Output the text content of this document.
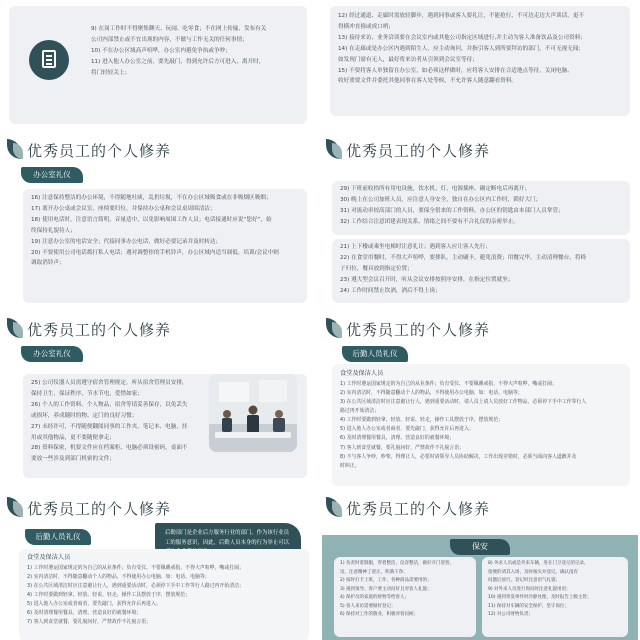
9) 在岗工作时不得聚集聊天、玩闹、吃零食；不在网上传输、发布有关

公司内部禁止或不宜出现的内容，不做与工作无关的任何事情；

10) 不在办公区域高声喧哗，办公室内避免争执或争吵；

11) 进入他人办公室之前，要先敲门，得到允许后方可进入，离开时，

将门轻轻关上；

12) 经过通道、走廊时需放轻脚步，遇到同事或客人要礼让，不能抢行，不可边走边大声谈话，更不

得横冲直撞或成口哨；

13) 接待来访、业务洽谈要在会议室内或其他公司指定区域进行,并主动为客人准备饮品及公司资料；

14) 在走廊或是办公区内遇到陌生人，应主动询问，并指引客人到所要拜访的部门，不可无视无闻；

如发现门窗有无人，最好将来访者从引领到会议室等待；

15) 不要将客人单独留在办公室，如必须这样做时，应将客人安排在合适地点等待，关闭电脑、

收好重要文件并委托其他同事在客人处等候，不允许客人随意翻看资料。

优秀员工的个人修养
办公室礼仪

16) 注意保持整洁的办公环境，不得随地吐痰，乱扔垃圾，不在办公区域吸食或在非吸烟区吸烟；

17) 离开办公桌或会议室，座椅要归位，并保持办公桌和会议桌周围清洁；

18) 使用电话时，注意语言简明，音量适中，以免影响周围工作人员；电话接通时应说“您好”，始

终保持礼貌待人；

19) 注意办公室的电话安全；代接同事办公电话，做好必要记录并及时转达；

20) 不要使用公司电话拨打私人电话；遇对调整你的手机铃声，办公区域内适当调低，培训/会议中则

调取消铃声；

优秀员工的个人修养

29) 下班前收拾所有用电设施，饮水机、灯、电源插座、确定断电后再离开；

30) 晚上在公司加班人员，应注意人身安全，独自在办公区内工作时，锁好大门；

31) 对流动率较高部门的人员，要保全借来的工作资料，办公区的钥匙由本部门人员掌管；

32) 工作结合注意团建表现关系，情绪之间不要有不合礼仪的亲密举止。

21) 上下楼或乘坐电梯时注意礼让；遇到客人应让客人先行；

22) 在食堂用餐时，不得大声喧哗，要排队，主动刷卡，避免浪费；用餐完毕，主动清理餐台，将椅

子归位，餐具放到指定位置；

23) 遵大型会议召开时，听从会议安排按照序安排，在指定位置就坐；

24) 工作时间禁止饮酒，酒后不得上岗；

优秀员工的个人修养
办公室礼仪

25) 公司仪器人员需遵守宿舍管理规定，听从宿舍管理员安排，

保持卫生，保证秩序，节水节电，爱惜如家；

26) 个人的工作资料、个人物品，宿舍等请妥善保存，以免丢失

或损坏，养成随时的物、定门的良好习惯；

27) 未经许可，不得随便翻阅同事的工作夹、笔记本、电脑，挂

用或其他物品，更不要随便拿走；

28) 资料保密，机要文件应在档案柜、电脑必须设密码，桌面不

要放一些涉及到部门机密的文件；

优秀员工的个人修养
后勤人员礼仪

食堂及保洁人员

1) 工作时遵运国家规定的为自己的从业条件；负有受仪、不要佩戴戒指，不得大声喧哗，嘴或打闹；

2) 室内清洁时，不得随意翻动个人的物品，不得使用办公电脑、如：电话、电脑等；

3) 在公共区域清洁时应注意避让行人，遇到重要活动时，请人员上请人员放好工作物品，必须停下手中工作等行人

路过再开始清洁；

4) 工作时要做到轻拿、轻放、轻说、轻走，操作工具摆放于序，摆放规范；

5) 进入他人办公室或者商者，要先敲门，获得允许后再进入；

6) 及时清理餐用餐具，清理、营造良好的就餐环境；

7) 客人到食堂就餐，要礼貌问好，严禁故作不礼貌言语；

8) 不与客人争吵，吵架，得理让人，必要时请领导人员协助解决，工作出现差错时，必须当面向客人道歉并及

时纠正。

优秀员工的个人修养
后勤部门是企业后方服务行业的部门，作为该行业员工的服务意识，因此，后勤人员本身的行为举止可以
后勤人员礼仪

食堂及保洁人员

1) 工作时遵运国家规定的为自己的从业条件；负有受仪、不要佩戴戒指，不得大声喧哗，嘴或打闹；

2) 室内清洁时，不得随意翻动个人的物品，不得使用办公电脑、如：电话、电脑等；

3) 在公共区域清洁时应注意避让行人，遇到重要活动时，必须停下手中工作等行人路过再开始清洁；

4) 工作时要做到轻拿、轻放、轻说、轻走，操作工具摆放于序，摆放规范；

5) 进入他人办公室或者商者，要先敲门，获得允许后再进入；

6) 及时清理餐用餐具，清理、营造良好的就餐环境；

7) 客人到食堂就餐，要礼貌问好，严禁故作不礼貌言语；

优秀员工的个人修养
保安

1) 负责时着制服，穿着整洁，仪容整洁，做好开门迎客，

送，注意精神了迎正，积满干净；

2) 按时打卡上班，工作，各种商品需要用的；

3) 遇到领导、客户要主动问好且对客人礼貌；

4) 保护员的家庭的财物等给客人；

5) 客人来访需要做好登记；

6) 保持对工作的敬业，积极对客问候；

8) 务求人员或是外来车辆，进在门卫登记的记录，

指便的请其入场，及时核实并登记，确认没有

问题后放行，登记时注意语气礼貌；

9) 对外来人员进行询问时注意礼貌用语；

10) 遇到突发事件时冷静处理，及时报告上级主管；

11) 保持对车辆的安全保护，坚守岗位；

12) 对公司财物负责；
